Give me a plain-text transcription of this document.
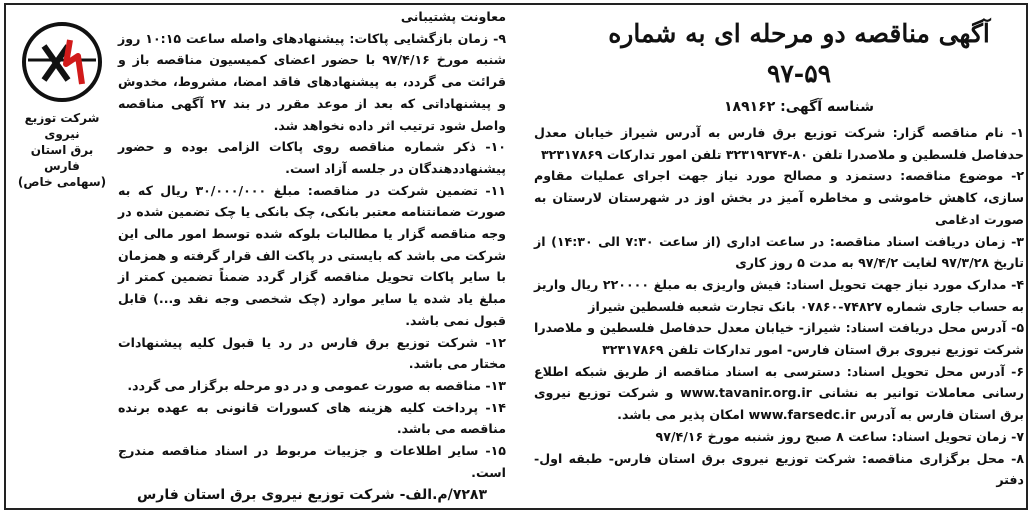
آگهی مناقصه دو مرحله ای به شماره ۵۹-۹۷
شناسه آگهی: ۱۸۹۱۶۲

۱- نام مناقصه گزار: شرکت توزیع برق فارس به آدرس شیراز خیابان معدل حدفاصل فلسطین و ملاصدرا تلفن ۸۰-۳۲۳۱۹۳۷۴ تلفن امور تدارکات ۳۲۳۱۷۸۶۹

۲- موضوع مناقصه: دستمزد و مصالح مورد نیاز جهت اجرای عملیات مقاوم سازی، کاهش خاموشی و مخاطره آمیز در بخش اوز در شهرستان لارستان به صورت ادغامی

۳- زمان دریافت اسناد مناقصه: در ساعت اداری (از ساعت ۷:۳۰ الی ۱۴:۳۰) از تاریخ ۹۷/۳/۲۸ لغایت ۹۷/۴/۲ به مدت ۵ روز کاری

۴- مدارک مورد نیاز جهت تحویل اسناد: فیش واریزی به مبلغ ۲۲۰۰۰۰ ریال واریز به حساب جاری شماره ۷۴۸۲۷-۰۷۸۶۰ بانک تجارت شعبه فلسطین شیراز

۵- آدرس محل دریافت اسناد: شیراز- خیابان معدل حدفاصل فلسطین و ملاصدرا شرکت توزیع نیروی برق استان فارس- امور تدارکات تلفن ۳۲۳۱۷۸۶۹

۶- آدرس محل تحویل اسناد: دسترسی به اسناد مناقصه از طریق شبکه اطلاع رسانی معاملات توانیر به نشانی www.tavanir.org.ir و شرکت توزیع نیروی برق استان فارس به آدرس www.farsedc.ir امکان پذیر می باشد.

۷- زمان تحویل اسناد: ساعت ۸ صبح روز شنبه مورخ ۹۷/۴/۱۶

۸- محل برگزاری مناقصه: شرکت توزیع نیروی برق استان فارس- طبقه اول- دفتر

معاونت پشتیبانی

۹- زمان بازگشایی پاکات: پیشنهادهای واصله ساعت ۱۰:۱۵ روز شنبه مورخ ۹۷/۴/۱۶ با حضور اعضای کمیسیون مناقصه باز و قرائت می گردد، به پیشنهادهای فاقد امضا، مشروط، مخدوش و پیشنهاداتی که بعد از موعد مقرر در بند ۲۷ آگهی مناقصه واصل شود ترتیب اثر داده نخواهد شد.

۱۰- ذکر شماره مناقصه روی پاکات الزامی بوده و حضور پیشنهاددهندگان در جلسه آزاد است.

۱۱- تضمین شرکت در مناقصه: مبلغ ۳۰/۰۰۰/۰۰۰ ریال که به صورت ضمانتنامه معتبر بانکی، چک بانکی یا چک تضمین شده در وجه مناقصه گزار یا مطالبات بلوکه شده توسط امور مالی این شرکت می باشد که بایستی در پاکت الف قرار گرفته و همزمان با سایر پاکات تحویل مناقصه گزار گردد ضمناً تضمین کمتر از مبلغ یاد شده یا سایر موارد (چک شخصی وجه نقد و...) قابل قبول نمی باشد.

۱۲- شرکت توزیع برق فارس در رد یا قبول کلیه پیشنهادات مختار می باشد.

۱۳- مناقصه به صورت عمومی و در دو مرحله برگزار می گردد.

۱۴- پرداخت کلیه هزینه های کسورات قانونی به عهده برنده مناقصه می باشد.

۱۵- سایر اطلاعات و جزییات مربوط در اسناد مناقصه مندرج است.

۷۲۸۳/م.الف- شرکت توزیع نیروی برق استان فارس
شرکت توزیع نیروی
برق استان فارس
(سهامی خاص)
